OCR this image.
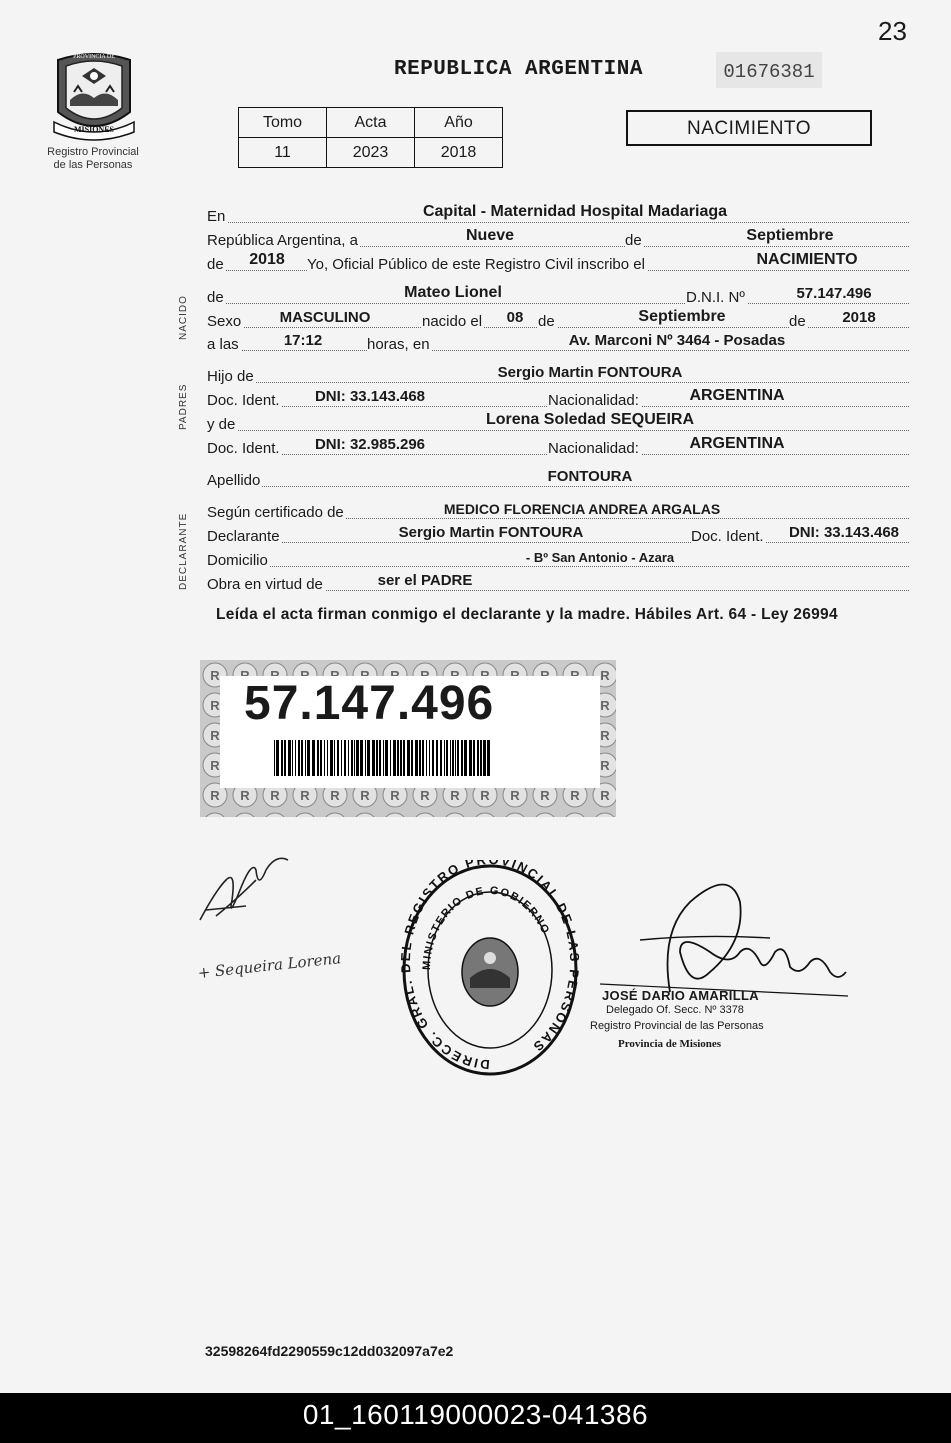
23
MISIONES
PROVINCIA DE
Registro Provincial
de las Personas
REPUBLICA ARGENTINA	01676381
Tomo	Acta	Año
11	2023	2018
NACIMIENTO
NACIDO
PADRES
DECLARANTE
En	Capital - Maternidad Hospital Madariaga
República Argentina, a	Nueve	de	Septiembre
de 2018 Yo, Oficial Público de este Registro Civil inscribo el	NACIMIENTO
de	Mateo Lionel	D.N.I. Nº	57.147.496
Sexo	MASCULINO	nacido el 08 de	Septiembre	de 2018
a las	17:12	horas, en	Av. Marconi Nº 3464 - Posadas
Hijo de	Sergio Martin FONTOURA
Doc. Ident. DNI: 33.143.468	Nacionalidad:	ARGENTINA
y de	Lorena Soledad SEQUEIRA
Doc. Ident. DNI: 32.985.296	Nacionalidad:	ARGENTINA
Apellido	FONTOURA
Según certificado de	MEDICO FLORENCIA ANDREA ARGALAS
Declarante	Sergio Martin FONTOURA	Doc. Ident. DNI: 33.143.468
Domicilio	- Bº San Antonio - Azara
Obra en virtud de	ser el PADRE
Leída el acta firman conmigo el declarante y la madre. Hábiles Art. 64 - Ley 26994
57.147.496
+ Sequeira Lorena
DIRECC. GRAL. L REGISTRO P VINCIAL DE L ERSONAS
MINISTERIO DE GOBIERNO
JOSÉ DARIO AMARILLA
Delegado Of. Secc. Nº 3378
Registro Provincial de las Personas
Provincia de Misiones
32598264fd2290559c12dd032097a7e2
01_160119000023-041386
